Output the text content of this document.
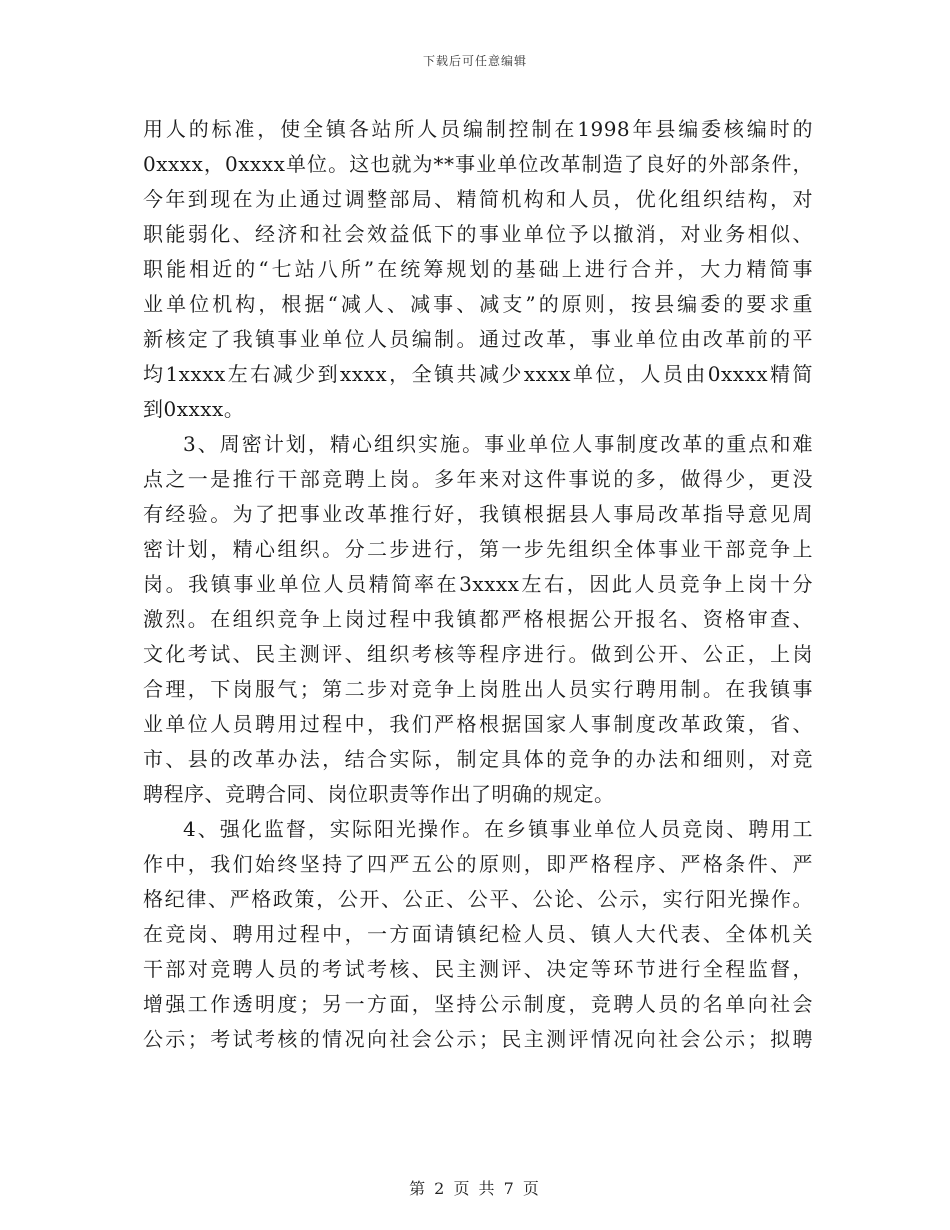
下载后可任意编辑
用人的标准，使全镇各站所人员编制控制在1998年县编委核编时的
0xxxx，0xxxx单位。这也就为**事业单位改革制造了良好的外部条件，
今年到现在为止通过调整部局、精简机构和人员，优化组织结构，对
职能弱化、经济和社会效益低下的事业单位予以撤消，对业务相似、
职能相近的“七站八所”在统筹规划的基础上进行合并，大力精简事
业单位机构，根据“减人、减事、减支”的原则，按县编委的要求重
新核定了我镇事业单位人员编制。通过改革，事业单位由改革前的平
均1xxxx左右减少到xxxx，全镇共减少xxxx单位，人员由0xxxx精简
到0xxxx。
3、周密计划，精心组织实施。事业单位人事制度改革的重点和难
点之一是推行干部竞聘上岗。多年来对这件事说的多，做得少，更没
有经验。为了把事业改革推行好，我镇根据县人事局改革指导意见周
密计划，精心组织。分二步进行，第一步先组织全体事业干部竞争上
岗。我镇事业单位人员精简率在3xxxx左右，因此人员竞争上岗十分
激烈。在组织竞争上岗过程中我镇都严格根据公开报名、资格审查、
文化考试、民主测评、组织考核等程序进行。做到公开、公正，上岗
合理，下岗服气；第二步对竞争上岗胜出人员实行聘用制。在我镇事
业单位人员聘用过程中，我们严格根据国家人事制度改革政策，省、
市、县的改革办法，结合实际，制定具体的竞争的办法和细则，对竞
聘程序、竞聘合同、岗位职责等作出了明确的规定。
4、强化监督，实际阳光操作。在乡镇事业单位人员竞岗、聘用工
作中，我们始终坚持了四严五公的原则，即严格程序、严格条件、严
格纪律、严格政策，公开、公正、公平、公论、公示，实行阳光操作。
在竞岗、聘用过程中，一方面请镇纪检人员、镇人大代表、全体机关
干部对竞聘人员的考试考核、民主测评、决定等环节进行全程监督，
增强工作透明度；另一方面，坚持公示制度，竞聘人员的名单向社会
公示；考试考核的情况向社会公示；民主测评情况向社会公示；拟聘
第 2 页 共 7 页
